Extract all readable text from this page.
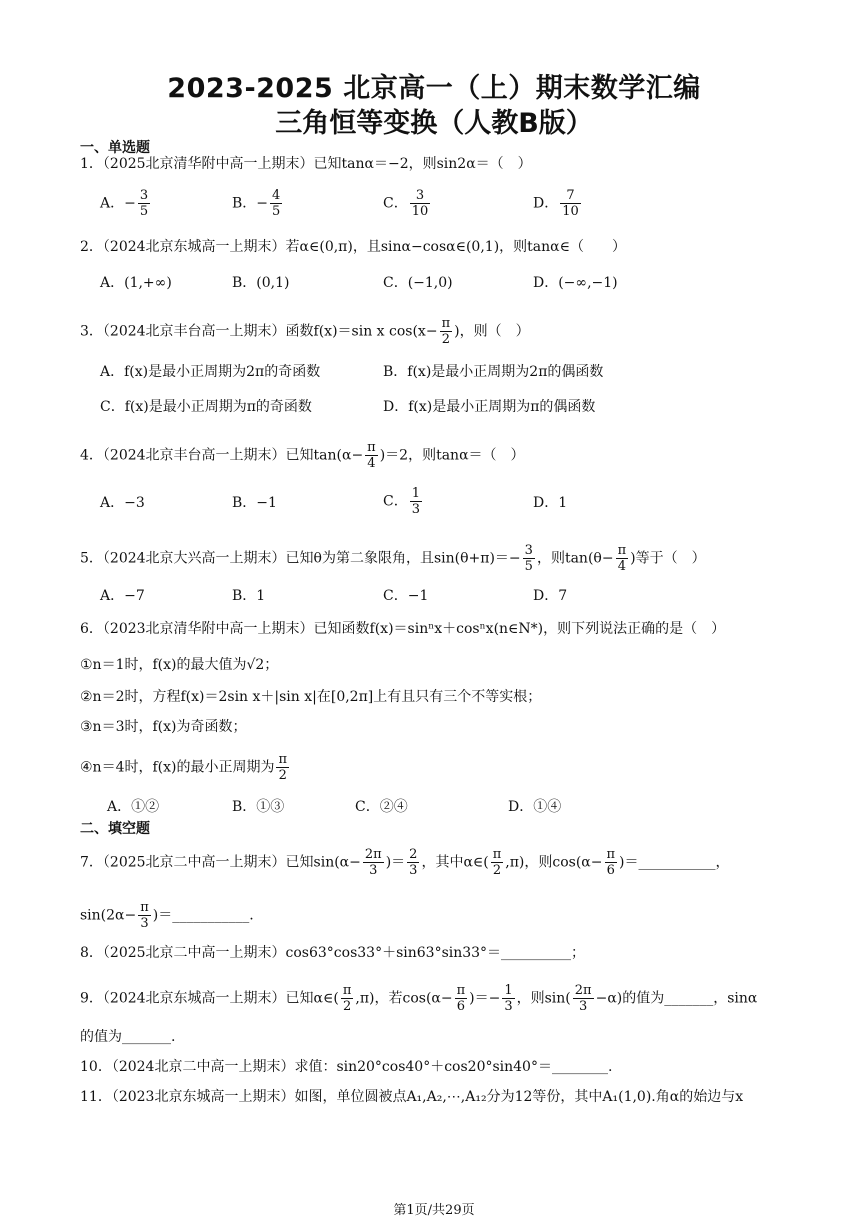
2023-2025 北京高一（上）期末数学汇编
三角恒等变换（人教B版）
一、单选题
1．（2025北京清华附中高一上期末）已知tanα＝−2，则sin2α＝（　）
A．− $\frac{3}{5}$	B．− $\frac{4}{5}$	C． $\frac{3}{10}$	D． $\frac{7}{10}$
2．（2024北京东城高一上期末）若α∈(0,π)，且sinα−cosα∈(0,1)，则tanα∈（　　）
A．(1,+∞)	B．(0,1)	C．(−1,0)	D．(−∞,−1)
3．（2024北京丰台高一上期末）函数f(x)＝sin x $\cos(x- \frac{\pi}{2}$ )，则（　）
A．f(x)是最小正周期为2π的奇函数	B．f(x)是最小正周期为2π的偶函数
C．f(x)是最小正周期为π的奇函数	D．f(x)是最小正周期为π的偶函数
4．（2024北京丰台高一上期末）已知$\tan(\alpha- \frac{\pi}{4} )=2$，则tanα＝（　）
A．−3	B．−1	C． $\frac{1}{3}$	D．1
5．（2024北京大兴高一上期末）已知θ为第二象限角，且$\sin(\theta+\pi)=- \frac{3}{5}$ ，则$\tan(\theta- \frac{\pi}{4}$ )等于（　）
A．−7	B．1	C．−1	D．7
6．（2023北京清华附中高一上期末）已知函数f(x)＝sinⁿx＋cosⁿx(n∈N*)，则下列说法正确的是（　）
①n＝1时，f(x)的最大值为√2；
②n＝2时，方程f(x)＝2sin x＋|sin x|在[0,2π]上有且只有三个不等实根；
③n＝3时，f(x)为奇函数；
④n＝4时，f(x)的最小正周期为 $\frac{\pi}{2}$
A．①②	B．①③	C．②④	D．①④
二、填空题
7．（2025北京二中高一上期末）已知$\sin(\alpha- \frac{2\pi}{3}$ )＝ $\frac{2}{3}$ ，其中α∈( $\frac{\pi}{2} ,\pi$)，则$\cos(\alpha- \frac{\pi}{6}$ )＝___________，
$\sin(2\alpha- \frac{\pi}{3}$ )＝___________.
8．（2025北京二中高一上期末）cos63°cos33°＋sin63°sin33°＝__________；
9．（2024北京东城高一上期末）已知α∈( $\frac{\pi}{2} ,\pi$)，若$\cos(\alpha- \frac{\pi}{6}$ )＝− $\frac{1}{3}$ ，则$\sin( \frac{2\pi}{3} -\alpha)$的值为_______，sinα
的值为_______.
10．（2024北京二中高一上期末）求值：sin20°cos40°＋cos20°sin40°＝________.
11．（2023北京东城高一上期末）如图，单位圆被点A₁,A₂,⋯,A₁₂分为12等份，其中A₁(1,0).角α的始边与x
第1页/共29页
